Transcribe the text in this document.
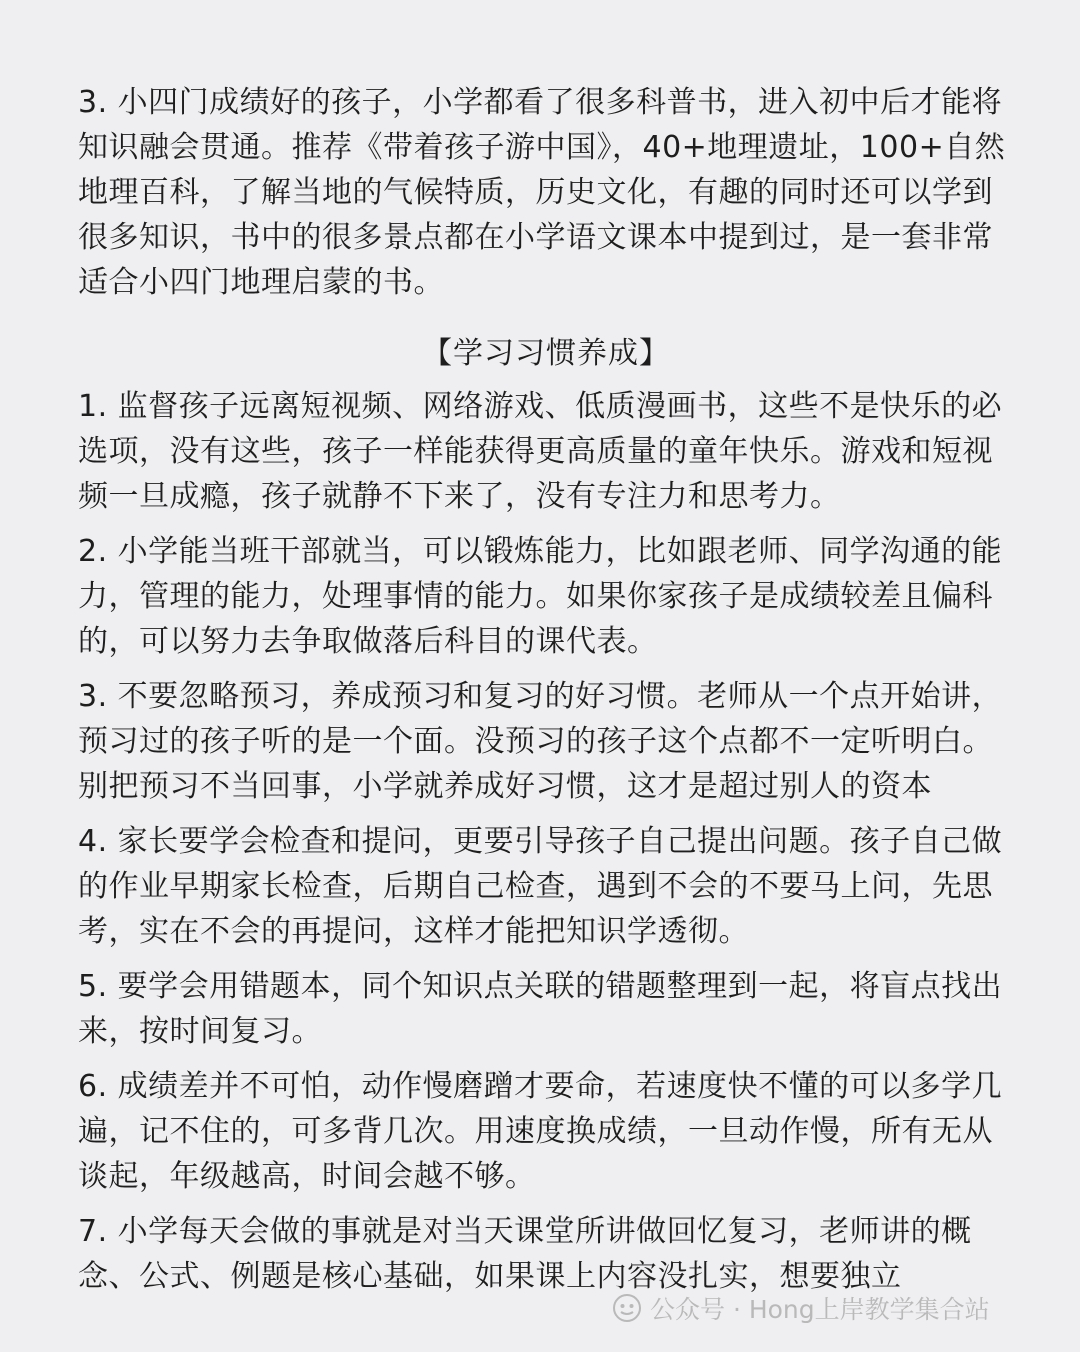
3. 小四门成绩好的孩子，小学都看了很多科普书，进入初中后才能将知识融会贯通。推荐《带着孩子游中国》，40+地理遗址，100+自然地理百科，了解当地的气候特质，历史文化，有趣的同时还可以学到很多知识，书中的很多景点都在小学语文课本中提到过，是一套非常适合小四门地理启蒙的书。

【学习习惯养成】

1. 监督孩子远离短视频、网络游戏、低质漫画书，这些不是快乐的必选项，没有这些，孩子一样能获得更高质量的童年快乐。游戏和短视频一旦成瘾，孩子就静不下来了，没有专注力和思考力。

2. 小学能当班干部就当，可以锻炼能力，比如跟老师、同学沟通的能力，管理的能力，处理事情的能力。如果你家孩子是成绩较差且偏科的，可以努力去争取做落后科目的课代表。

3. 不要忽略预习，养成预习和复习的好习惯。老师从一个点开始讲，预习过的孩子听的是一个面。没预习的孩子这个点都不一定听明白。别把预习不当回事，小学就养成好习惯，这才是超过别人的资本

4. 家长要学会检查和提问，更要引导孩子自己提出问题。孩子自己做的作业早期家长检查，后期自己检查，遇到不会的不要马上问，先思考，实在不会的再提问，这样才能把知识学透彻。

5. 要学会用错题本，同个知识点关联的错题整理到一起，将盲点找出来，按时间复习。

6. 成绩差并不可怕，动作慢磨蹭才要命，若速度快不懂的可以多学几遍，记不住的，可多背几次。用速度换成绩，一旦动作慢，所有无从谈起，年级越高，时间会越不够。

7. 小学每天会做的事就是对当天课堂所讲做回忆复习，老师讲的概念、公式、例题是核心基础，如果课上内容没扎实，想要独立

公众号 · Hong上岸教学集合站
